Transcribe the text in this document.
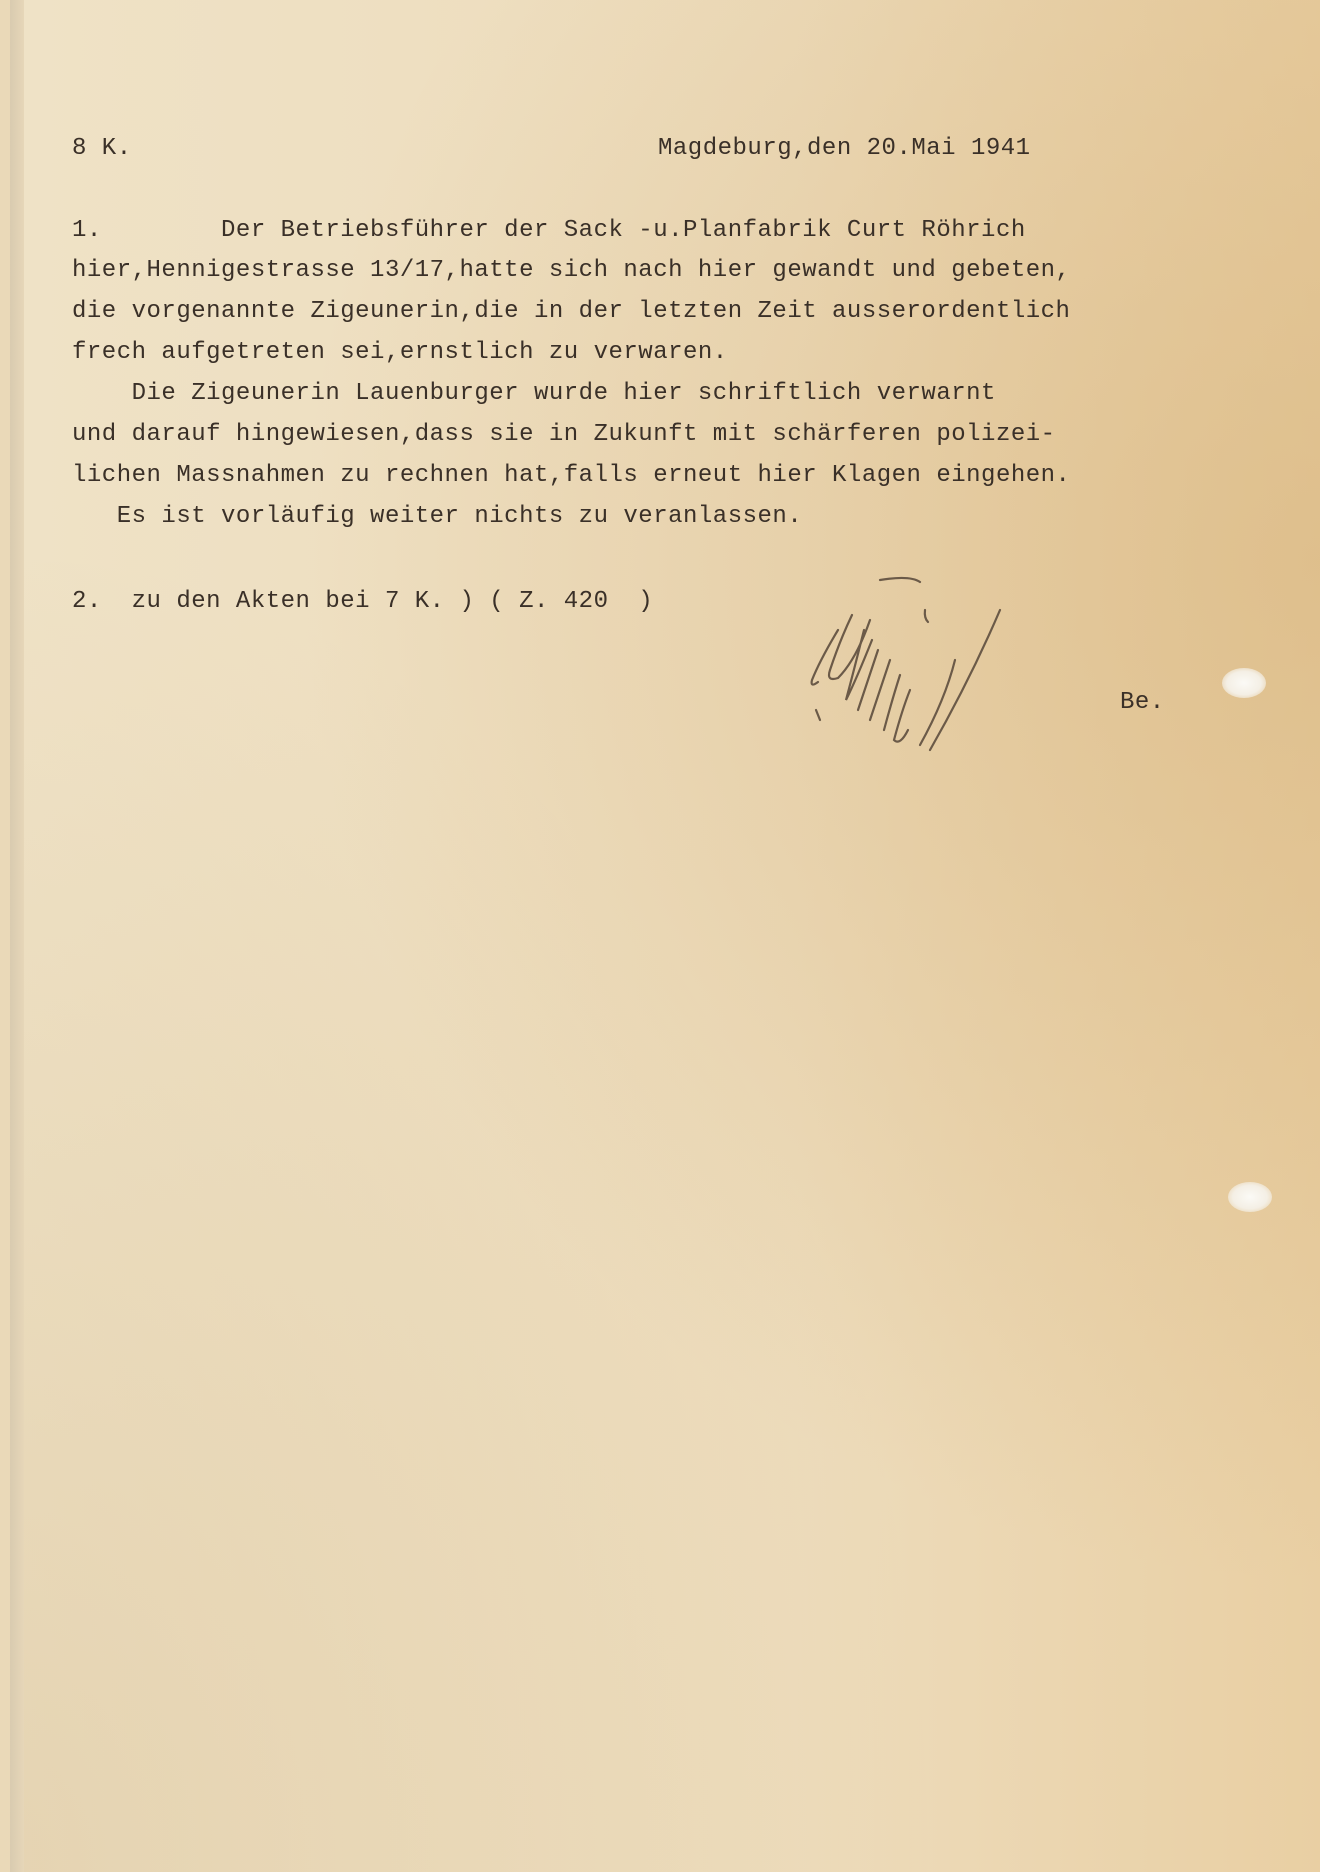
8 K.	Magdeburg,den 20.Mai 1941
1.        Der Betriebsführer der Sack -u.Planfabrik Curt Röhrich
hier,Hennigestrasse 13/17,hatte sich nach hier gewandt und gebeten,
die vorgenannte Zigeunerin,die in der letzten Zeit ausserordentlich
frech aufgetreten sei,ernstlich zu verwaren.
Die Zigeunerin Lauenburger wurde hier schriftlich verwarnt
und darauf hingewiesen,dass sie in Zukunft mit schärferen polizei-
lichen Massnahmen zu rechnen hat,falls erneut hier Klagen eingehen.
Es ist vorläufig weiter nichts zu veranlassen.
2.  zu den Akten bei 7 K. ) ( Z. 420  )
Be.
